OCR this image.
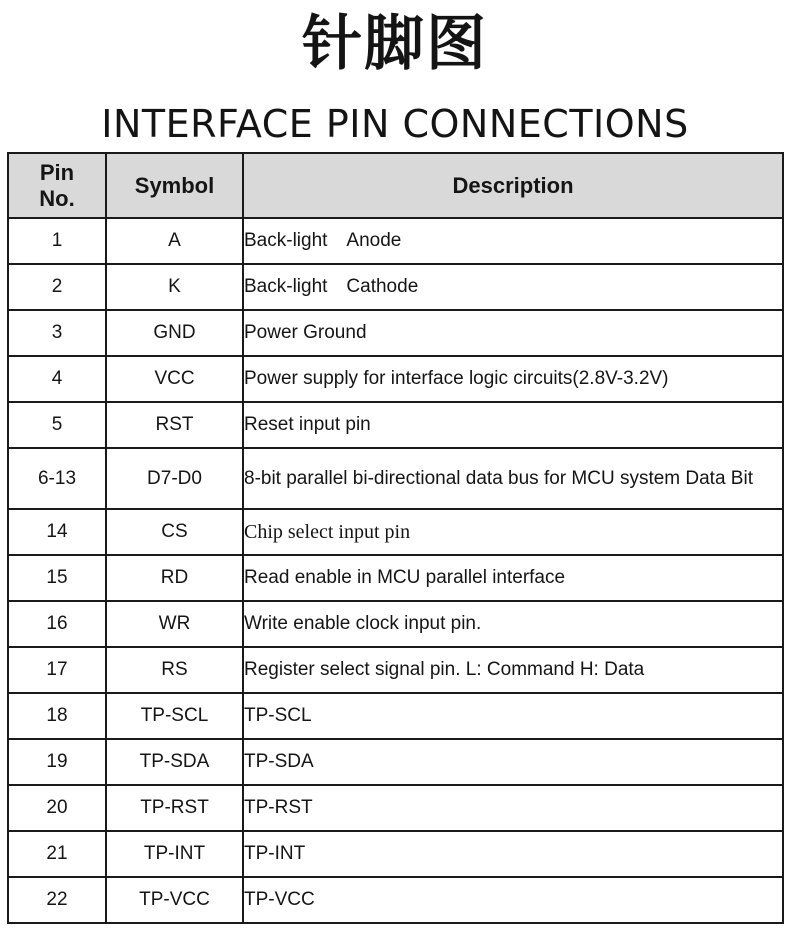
针脚图
INTERFACE PIN CONNECTIONS
Pin
No.	Symbol	Description
1	A	Back-light Anode
2	K	Back-light Cathode
3	GND	Power Ground
4	VCC	Power supply for interface logic circuits(2.8V-3.2V)
5	RST	Reset input pin
6-13	D7-D0	8-bit parallel bi-directional data bus for MCU system Data Bit
14	CS	Chip select input pin
15	RD	Read enable in MCU parallel interface
16	WR	Write enable clock input pin.
17	RS	Register select signal pin. L: Command H: Data
18	TP-SCL	TP-SCL
19	TP-SDA	TP-SDA
20	TP-RST	TP-RST
21	TP-INT	TP-INT
22	TP-VCC	TP-VCC
